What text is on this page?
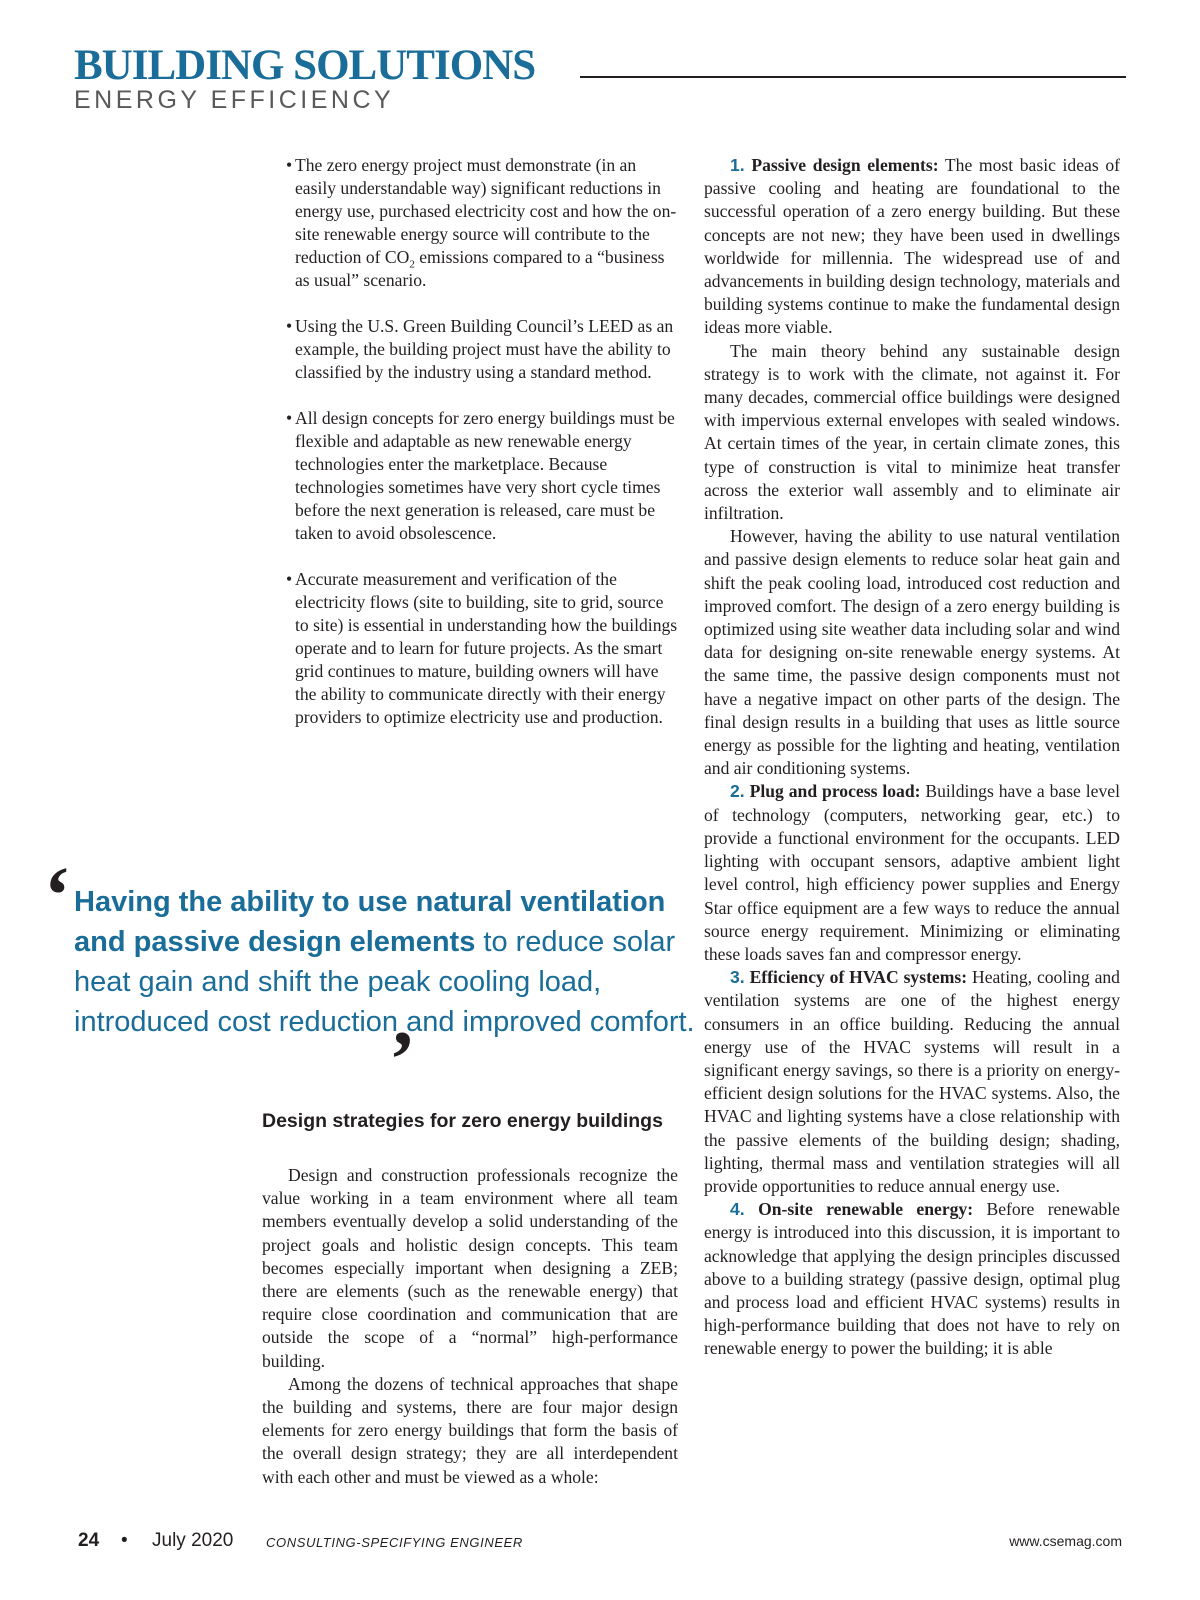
BUILDING SOLUTIONS
ENERGY EFFICIENCY
• The zero energy project must demonstrate (in an easily understandable way) significant reductions in energy use, purchased electricity cost and how the on-site renewable energy source will contribute to the reduction of $CO_2$ emissions compared to a “business as usual” scenario.
• Using the U.S. Green Building Council’s LEED as an example, the building project must have the ability to classified by the industry using a standard method.
• All design concepts for zero energy buildings must be flexible and adaptable as new renewable energy technologies enter the marketplace. Because technologies sometimes have very short cycle times before the next generation is released, care must be taken to avoid obsolescence.
• Accurate measurement and verification of the electricity flows (site to building, site to grid, source to site) is essential in understanding how the buildings operate and to learn for future projects. As the smart grid continues to mature, building owners will have the ability to communicate directly with their energy providers to optimize electricity use and production.
‘ Having the ability to use natural ventilation and passive design elements to reduce solar heat gain and shift the peak cooling load, introduced cost reduction and improved comfort.
’
Design strategies for zero energy buildings

Design and construction professionals recognize the value working in a team environment where all team members eventually develop a solid understanding of the project goals and holistic design concepts. This team becomes especially important when designing a ZEB; there are elements (such as the renewable energy) that require close coordination and communication that are outside the scope of a “normal” high-performance building.

Among the dozens of technical approaches that shape the building and systems, there are four major design elements for zero energy buildings that form the basis of the overall design strategy; they are all interdependent with each other and must be viewed as a whole:

1. Passive design elements: The most basic ideas of passive cooling and heating are foundational to the successful operation of a zero energy building. But these concepts are not new; they have been used in dwellings worldwide for millennia. The widespread use of and advancements in building design technology, materials and building systems continue to make the fundamental design ideas more viable.

The main theory behind any sustainable design strategy is to work with the climate, not against it. For many decades, commercial office buildings were designed with impervious external envelopes with sealed windows. At certain times of the year, in certain climate zones, this type of construction is vital to minimize heat transfer across the exterior wall assembly and to eliminate air infiltration.

However, having the ability to use natural ventilation and passive design elements to reduce solar heat gain and shift the peak cooling load, introduced cost reduction and improved comfort. The design of a zero energy building is optimized using site weather data including solar and wind data for designing on-site renewable energy systems. At the same time, the passive design components must not have a negative impact on other parts of the design. The final design results in a building that uses as little source energy as possible for the lighting and heating, ventilation and air conditioning systems.

2. Plug and process load: Buildings have a base level of technology (computers, networking gear, etc.) to provide a functional environment for the occupants. LED lighting with occupant sensors, adaptive ambient light level control, high efficiency power supplies and Energy Star office equipment are a few ways to reduce the annual source energy requirement. Minimizing or eliminating these loads saves fan and compressor energy.

3. Efficiency of HVAC systems: Heating, cooling and ventilation systems are one of the highest energy consumers in an office building. Reducing the annual energy use of the HVAC systems will result in a significant energy savings, so there is a priority on energy-efficient design solutions for the HVAC systems. Also, the HVAC and lighting systems have a close relationship with the passive elements of the building design; shading, lighting, thermal mass and ventilation strategies will all provide opportunities to reduce annual energy use.

4. On-site renewable energy: Before renewable energy is introduced into this discussion, it is important to acknowledge that applying the design principles discussed above to a building strategy (passive design, optimal plug and process load and efficient HVAC systems) results in high-performance building that does not have to rely on renewable energy to power the building; it is able

24 • July 2020	CONSULTING-SPECIFYING ENGINEER	www.csemag.com
